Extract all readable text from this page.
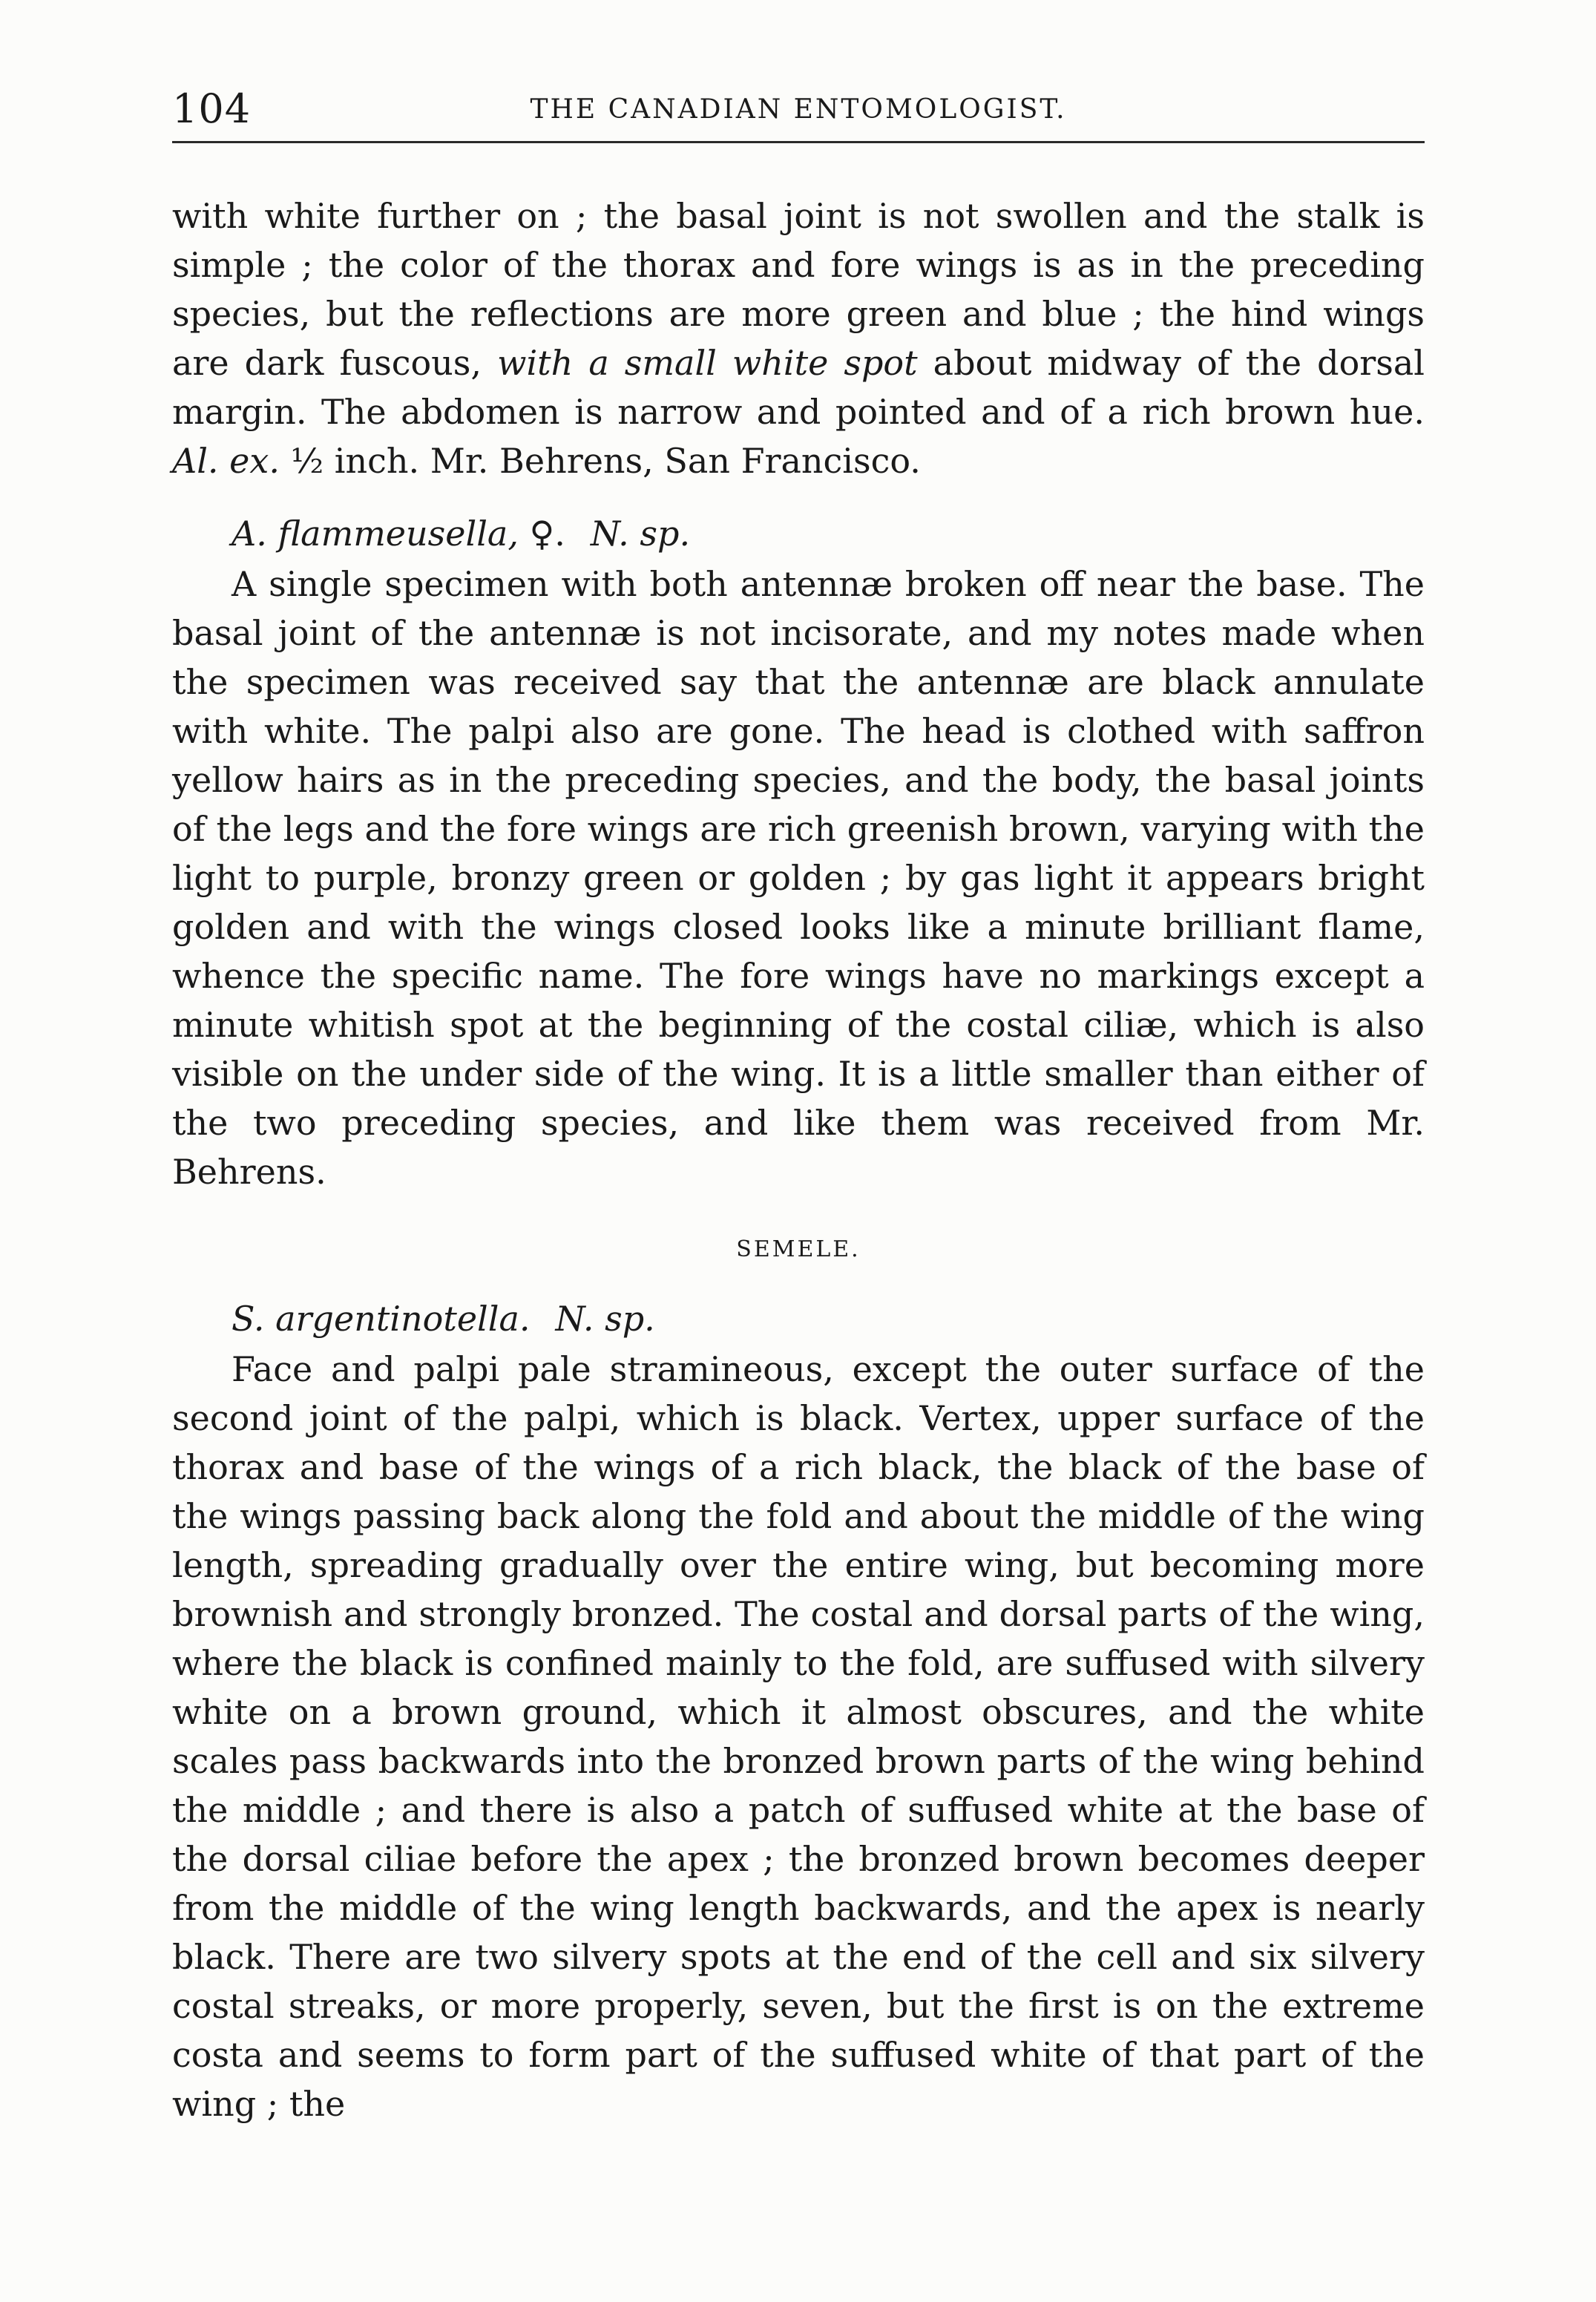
104	THE CANADIAN ENTOMOLOGIST.

with white further on ; the basal joint is not swollen and the stalk is simple ; the color of the thorax and fore wings is as in the preceding species, but the reflections are more green and blue ; the hind wings are dark fuscous, with a small white spot about midway of the dorsal margin. The abdomen is narrow and pointed and of a rich brown hue. Al. ex. ½ inch. Mr. Behrens, San Francisco.

A. flammeusella, ♀. N. sp.

A single specimen with both antennæ broken off near the base. The basal joint of the antennæ is not incisorate, and my notes made when the specimen was received say that the antennæ are black annulate with white. The palpi also are gone. The head is clothed with saffron yellow hairs as in the preceding species, and the body, the basal joints of the legs and the fore wings are rich greenish brown, varying with the light to purple, bronzy green or golden ; by gas light it appears bright golden and with the wings closed looks like a minute brilliant flame, whence the specific name. The fore wings have no markings except a minute whitish spot at the beginning of the costal ciliæ, which is also visible on the under side of the wing. It is a little smaller than either of the two preceding species, and like them was received from Mr. Behrens.

SEMELE.

S. argentinotella. N. sp.

Face and palpi pale stramineous, except the outer surface of the second joint of the palpi, which is black. Vertex, upper surface of the thorax and base of the wings of a rich black, the black of the base of the wings passing back along the fold and about the middle of the wing length, spreading gradually over the entire wing, but becoming more brownish and strongly bronzed. The costal and dorsal parts of the wing, where the black is confined mainly to the fold, are suffused with silvery white on a brown ground, which it almost obscures, and the white scales pass backwards into the bronzed brown parts of the wing behind the middle ; and there is also a patch of suffused white at the base of the dorsal ciliae before the apex ; the bronzed brown becomes deeper from the middle of the wing length backwards, and the apex is nearly black. There are two silvery spots at the end of the cell and six silvery costal streaks, or more properly, seven, but the first is on the extreme costa and seems to form part of the suffused white of that part of the wing ; the
